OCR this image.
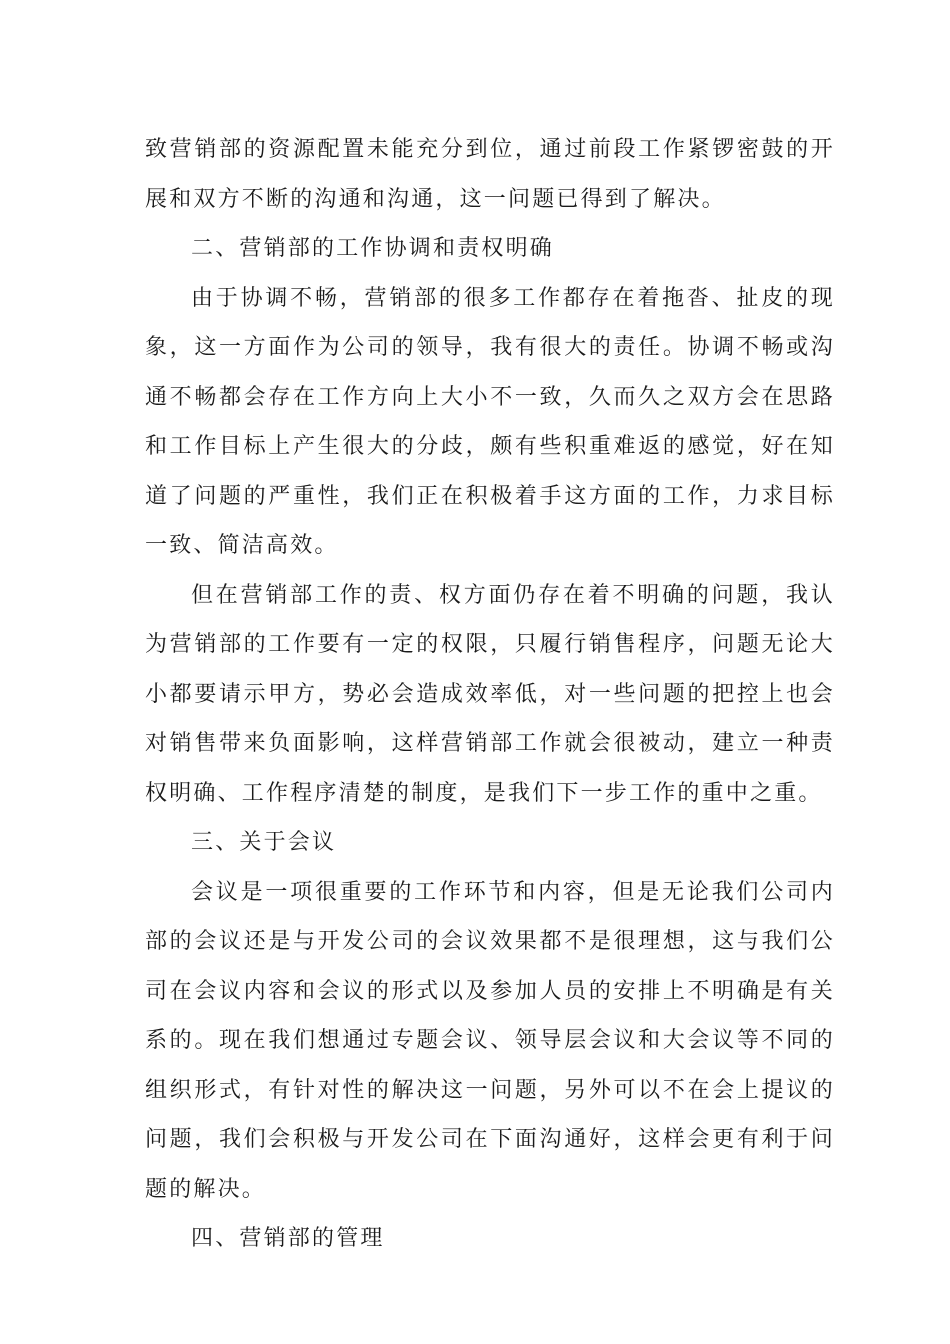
致营销部的资源配置未能充分到位，通过前段工作紧锣密鼓的开展和双方不断的沟通和沟通，这一问题已得到了解决。

二、营销部的工作协调和责权明确

由于协调不畅，营销部的很多工作都存在着拖沓、扯皮的现象，这一方面作为公司的领导，我有很大的责任。协调不畅或沟通不畅都会存在工作方向上大小不一致，久而久之双方会在思路和工作目标上产生很大的分歧，颇有些积重难返的感觉，好在知道了问题的严重性，我们正在积极着手这方面的工作，力求目标一致、简洁高效。

但在营销部工作的责、权方面仍存在着不明确的问题，我认为营销部的工作要有一定的权限，只履行销售程序，问题无论大小都要请示甲方，势必会造成效率低，对一些问题的把控上也会对销售带来负面影响，这样营销部工作就会很被动，建立一种责权明确、工作程序清楚的制度，是我们下一步工作的重中之重。

三、关于会议

会议是一项很重要的工作环节和内容，但是无论我们公司内部的会议还是与开发公司的会议效果都不是很理想，这与我们公司在会议内容和会议的形式以及参加人员的安排上不明确是有关系的。现在我们想通过专题会议、领导层会议和大会议等不同的组织形式，有针对性的解决这一问题，另外可以不在会上提议的问题，我们会积极与开发公司在下面沟通好，这样会更有利于问题的解决。

四、营销部的管理
